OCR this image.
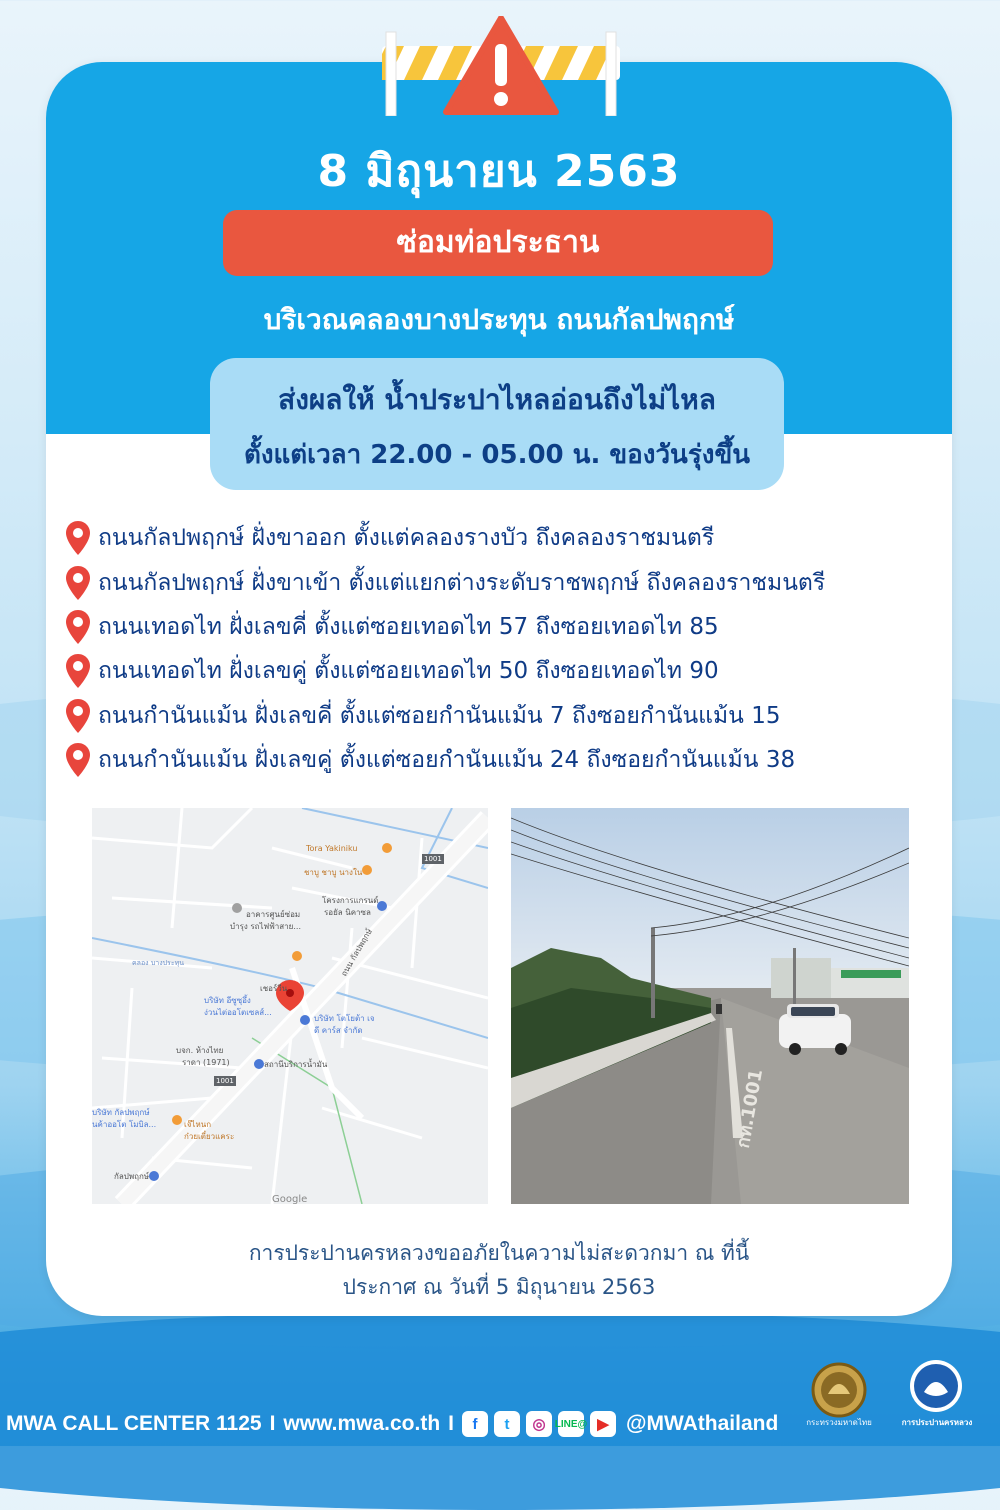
8 มิถุนายน 2563
ซ่อมท่อประธาน
บริเวณคลองบางประทุน ถนนกัลปพฤกษ์
ส่งผลให้ น้ำประปาไหลอ่อนถึงไม่ไหล
ตั้งแต่เวลา 22.00 - 05.00 น. ของวันรุ่งขึ้น
ถนนกัลปพฤกษ์ ฝั่งขาออก ตั้งแต่คลองรางบัว ถึงคลองราชมนตรี
ถนนกัลปพฤกษ์ ฝั่งขาเข้า ตั้งแต่แยกต่างระดับราชพฤกษ์ ถึงคลองราชมนตรี
ถนนเทอดไท ฝั่งเลขคี่ ตั้งแต่ซอยเทอดไท 57 ถึงซอยเทอดไท 85
ถนนเทอดไท ฝั่งเลขคู่ ตั้งแต่ซอยเทอดไท 50 ถึงซอยเทอดไท 90
ถนนกำนันแม้น ฝั่งเลขคี่ ตั้งแต่ซอยกำนันแม้น 7 ถึงซอยกำนันแม้น 15
ถนนกำนันแม้น ฝั่งเลขคู่ ตั้งแต่ซอยกำนันแม้น 24 ถึงซอยกำนันแม้น 38
Tora Yakiniku
ชาบู ชาบู นางใน
โครงการแกรนด์
รอยัล นิคาซล
อาคารศูนย์ซ่อม
บำรุง รถไฟฟ้าสาย...
ถนน กัลปพฤกษ์
เชอร์วีน
บริษัท อีซูซุอึ้ง
ง่วนไต่ออโตเซลส์...
บริษัท โตโยต้า เจ
ดี คาร์ส จำกัด
บจก. ห้างไทย
ราดา (1971)	สถานีบริการน้ำมัน
บริษัท กัลปพฤกษ์
นค้าออโต โมบิล...	เจ๊ไหนก
ก๋วยเตี๋ยวแคระ
กัลปพฤกษ์
คลอง บางประทุน
1001
1001
Google
กท.1001
การประปานครหลวงขออภัยในความไม่สะดวกมา ณ ที่นี้
ประกาศ ณ วันที่ 5 มิถุนายน 2563
MWA CALL CENTER 1125 I www.mwa.co.th I	f	t	◎ LINE@ ▶ @MWAthailand	กระทรวงมหาดไทย	การประปานครหลวง
